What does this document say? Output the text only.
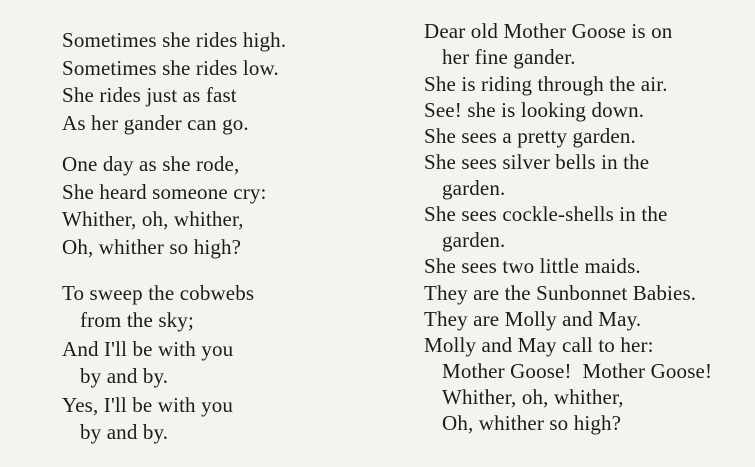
Sometimes she rides high.
Sometimes she rides low.
She rides just as fast
As her gander can go.
One day as she rode,
She heard someone cry:
Whither, oh, whither,
Oh, whither so high?
To sweep the cobwebs
from the sky;
And I'll be with you
by and by.
Yes, I'll be with you
by and by.
Dear old Mother Goose is on
her fine gander.
She is riding through the air.
See! she is looking down.
She sees a pretty garden.
She sees silver bells in the
garden.
She sees cockle-shells in the
garden.
She sees two little maids.
They are the Sunbonnet Babies.
They are Molly and May.
Molly and May call to her:
Mother Goose!  Mother Goose!
Whither, oh, whither,
Oh, whither so high?
